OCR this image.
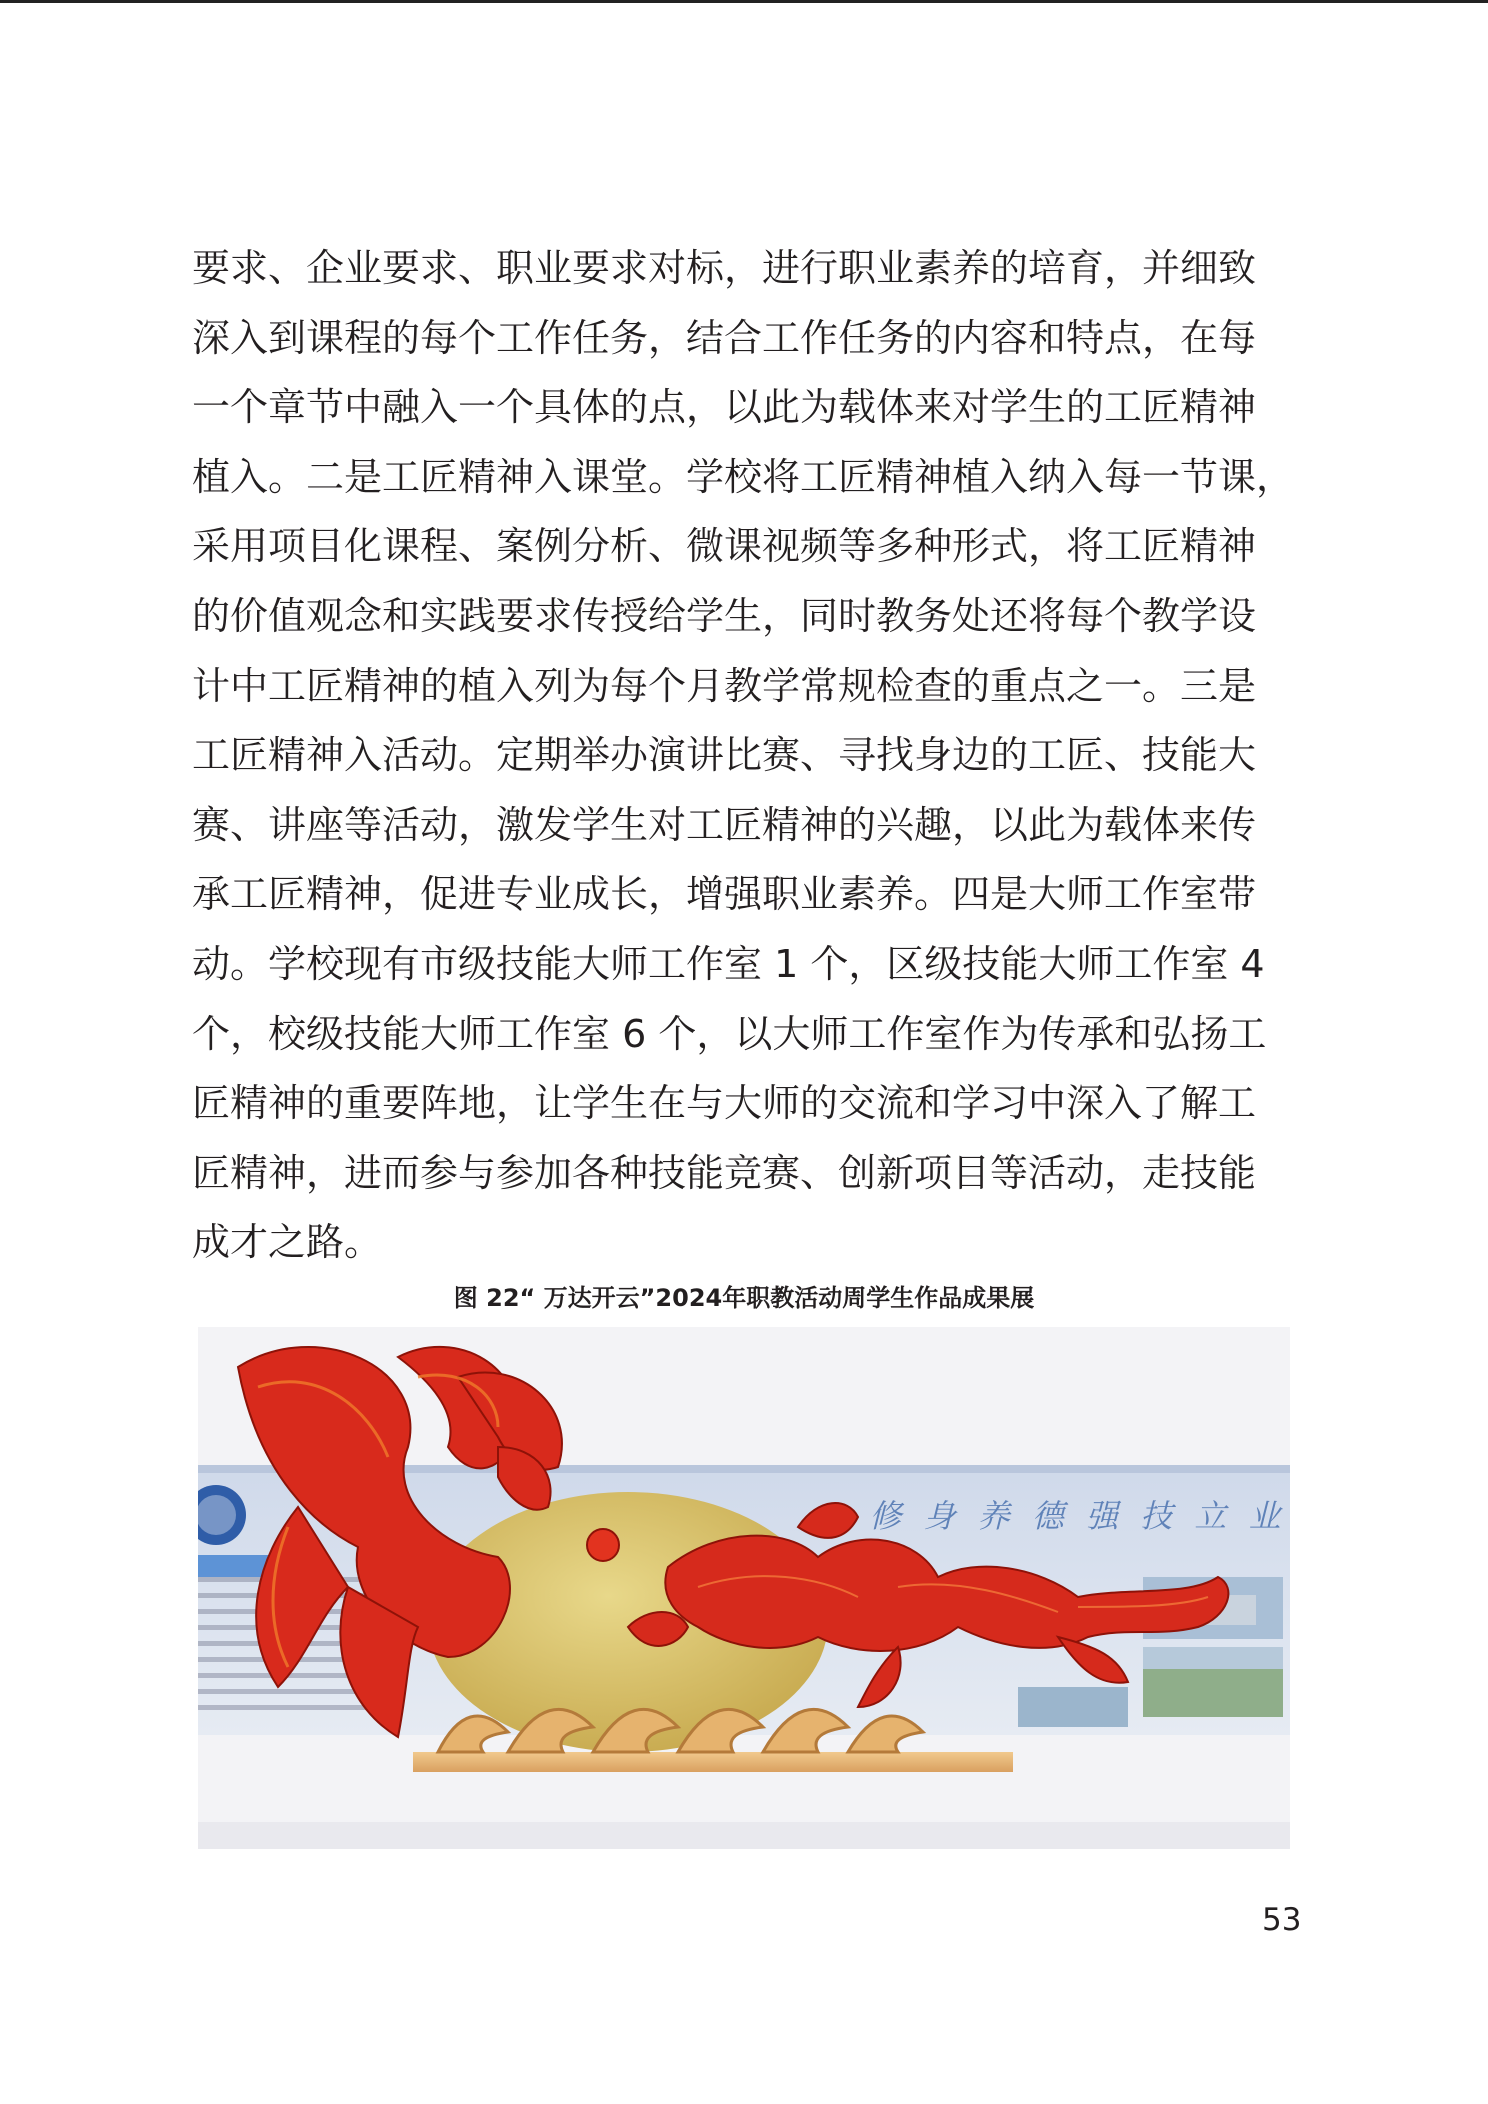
要求、企业要求、职业要求对标，进行职业素养的培育，并细致
深入到课程的每个工作任务，结合工作任务的内容和特点，在每
一个章节中融入一个具体的点，以此为载体来对学生的工匠精神
植入。二是工匠精神入课堂。学校将工匠精神植入纳入每一节课，
采用项目化课程、案例分析、微课视频等多种形式，将工匠精神
的价值观念和实践要求传授给学生，同时教务处还将每个教学设
计中工匠精神的植入列为每个月教学常规检查的重点之一。三是
工匠精神入活动。定期举办演讲比赛、寻找身边的工匠、技能大
赛、讲座等活动，激发学生对工匠精神的兴趣，以此为载体来传
承工匠精神，促进专业成长，增强职业素养。四是大师工作室带
动。学校现有市级技能大师工作室 1 个，区级技能大师工作室 4
个，校级技能大师工作室 6 个，以大师工作室作为传承和弘扬工
匠精神的重要阵地，让学生在与大师的交流和学习中深入了解工
匠精神，进而参与参加各种技能竞赛、创新项目等活动，走技能
成才之路。
图 22“ 万达开云”2024年职教活动周学生作品成果展
修 身 养 德 强 技 立 业
53
